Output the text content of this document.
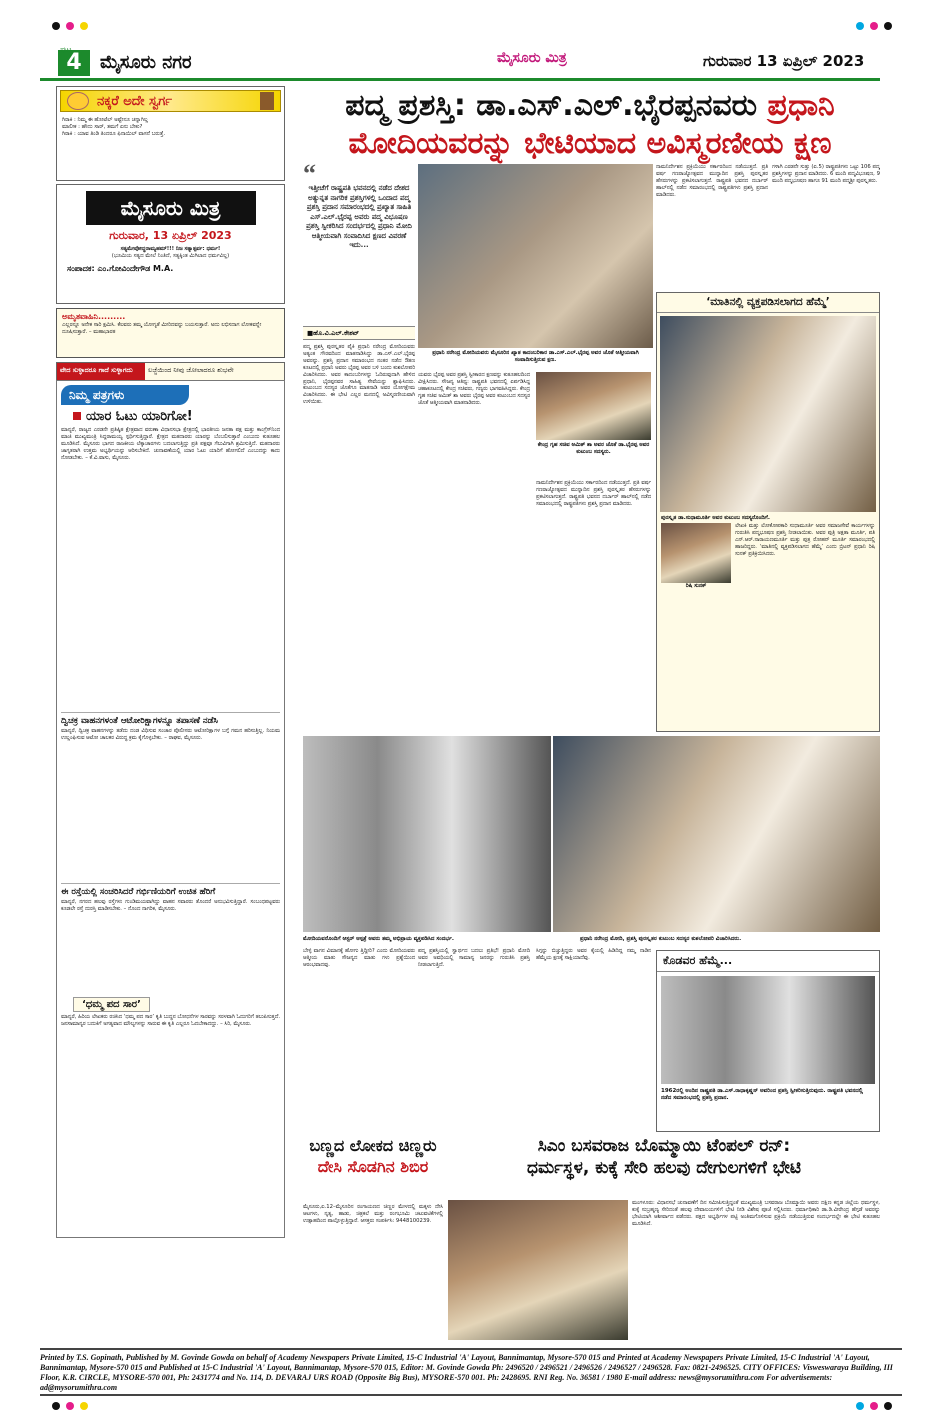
4
ಪುಟ
ಮೈಸೂರು ನಗರ	ಮೈಸೂರು ಮಿತ್ರ	ಗುರುವಾರ 13 ಏಪ್ರಿಲ್ 2023
ನಕ್ಕರೆ ಅದೇ ಸ್ವರ್ಗ
ಗಿರಾಕಿ : ನಿಮ್ಮ ಈ ಹೋಟೆಲ್ ಅಷ್ಟೇನೂ ಚನ್ನಾಗಿಲ್ಲ
ಮಾಲೀಕ : ಹೌದು ಸಾರ್, ತಮಗೆ ಏನು ಬೇಕು?
ಗಿರಾಕಿ : ಯಾವ ತಿಂಡಿ ತಿಂದರೂ ಫಿನಾಯಿಲ್ ವಾಸನೆ ಬರುತ್ತೆ.
ಮೈಸೂರು ಮಿತ್ರ
ಗುರುವಾರ, 13 ಏಪ್ರಿಲ್ 2023
ಸತ್ಯಮೇವೋದ್ಧರಾಮ್ಯಹಮ್!!! ನಿಜ ಸತ್ಯಾತ್ಸರ್ವ: ಧರ್ಮ!
(ಭೂಮಿಯ ಸತ್ಯದ ಮೇಲೆ ನಿಂತಿದೆ, ಸತ್ಯಕ್ಕಿಂತ ಮಿಗಿಲಾದ ಧರ್ಮವಿಲ್ಲ)
ಸಂಪಾದಕ: ಎಂ.ಗೋವಿಂದೇಗೌಡ M.A.
ಅಮೃತವಾಹಿನಿ.........
ಎಲ್ಲರನ್ನೂ ಅನೇಕ ಸಾರಿ ಕ್ಷಮಿಸಿ. ಕೆಲವರು ತಮ್ಮ ಯೋಗ್ಯತೆ ಮೀರಿದವನ್ನು ಬಯಸುತ್ತಾರೆ. ಅದು ಲಭಿಸದಾಗ ಲೋಕವನ್ನೇ ದೂಷಿಸುತ್ತಾರೆ. – ಮಹಾಭಾರತ
ವೇದ ಸುಳ್ಳಾದರೂ ಗಾದೆ ಸುಳ್ಳಾಗದು	ಲಜ್ಜೆಯಿಂದ ನೀವು ಜೋಲಾದರೂ ಶುಭವೇ
ನಿಮ್ಮ ಪತ್ರಗಳು
ಯಾರ ಓಟು ಯಾರಿಗೋ!
ಮಾನ್ಯರೆ, ರಾಜ್ಯದ ಎರಡನೇ ಪ್ರತಿಷ್ಠಿತ ಕ್ಷೇತ್ರವಾದ ವರುಣಾ ವಿಧಾನಸಭಾ ಕ್ಷೇತ್ರದಲ್ಲಿ ಭಾರತೀಯ ಜನತಾ ಪಕ್ಷ ಮತ್ತು ಕಾಂಗ್ರೆಸ್‌ನಿಂದ ಮಾಜಿ ಮುಖ್ಯಮಂತ್ರಿ ಸಿದ್ದರಾಮಯ್ಯ ಸ್ಪರ್ಧಿಸುತ್ತಿದ್ದಾರೆ. ಕ್ಷೇತ್ರದ ಮತದಾರರು ಯಾರನ್ನು ಬೆಂಬಲಿಸುತ್ತಾರೆ ಎಂಬುದು ಕುತೂಹಲ ಮೂಡಿಸಿದೆ. ಮೈಸೂರು ಭಾಗದ ರಾಜಕೀಯ ಲೆಕ್ಕಾಚಾರಗಳು ಬದಲಾಗುತ್ತಿದ್ದು ಪ್ರತಿ ಪಕ್ಷವೂ ಗೆಲುವಿಗಾಗಿ ಶ್ರಮಿಸುತ್ತಿದೆ. ಮತದಾರರು ಜಾಗೃತರಾಗಿ ಉತ್ತಮ ಅಭ್ಯರ್ಥಿಯನ್ನು ಆರಿಸಬೇಕಿದೆ. ಚುನಾವಣೆಯಲ್ಲಿ ಯಾರ ಓಟು ಯಾರಿಗೆ ಹೋಗಲಿದೆ ಎಂಬುದನ್ನು ಕಾದು ನೋಡಬೇಕು. – ಕೆ.ವಿ.ವಾಸು, ಮೈಸೂರು.
ದ್ವಿಚಕ್ರ ವಾಹನಗಳಂತೆ ಆಟೋರಿಕ್ಷಾಗಳನ್ನೂ ತಪಾಸಣೆ ನಡೆಸಿ
ಮಾನ್ಯರೆ, ದ್ವಿಚಕ್ರ ವಾಹನಗಳನ್ನು ತಡೆದು ದಂಡ ವಿಧಿಸುವ ಸಂಚಾರ ಪೊಲೀಸರು ಆಟೋರಿಕ್ಷಾಗಳ ಬಗ್ಗೆ ಗಮನ ಹರಿಸುತ್ತಿಲ್ಲ. ನಿಯಮ ಉಲ್ಲಂಘಿಸುವ ಆಟೋ ಚಾಲಕರ ವಿರುದ್ಧ ಕ್ರಮ ಕೈಗೊಳ್ಳಬೇಕು. – ರಾಘವ, ಮೈಸೂರು.
ಈ ರಸ್ತೆಯಲ್ಲಿ ಸಂಚರಿಸಿದರೆ ಗರ್ಭಿಣಿಯರಿಗೆ ಉಚಿತ ಹೆರಿಗೆ
ಮಾನ್ಯರೆ, ನಗರದ ಹಲವು ರಸ್ತೆಗಳು ಗುಂಡಿಮಯವಾಗಿದ್ದು ವಾಹನ ಸವಾರರು ತೊಂದರೆ ಅನುಭವಿಸುತ್ತಿದ್ದಾರೆ. ಸಂಬಂಧಪಟ್ಟವರು ಕೂಡಲೇ ರಸ್ತೆ ದುರಸ್ತಿ ಮಾಡಿಸಬೇಕು. – ನೊಂದ ನಾಗರಿಕ, ಮೈಸೂರು.
‘ಧಮ್ಮ ಪದ ಸಾರ’
ಮಾನ್ಯರೆ, ಹಿರಿಯ ಲೇಖಕರು ರಚಿಸಿದ ‘ಧಮ್ಮ ಪದ ಸಾರ’ ಕೃತಿ ಬುದ್ಧನ ಬೋಧನೆಗಳ ಸಾರವನ್ನು ಸರಳವಾಗಿ ಓದುಗರಿಗೆ ತಲುಪಿಸುತ್ತದೆ. ಜನಸಾಮಾನ್ಯರ ಬದುಕಿಗೆ ಅಗತ್ಯವಾದ ಮೌಲ್ಯಗಳನ್ನು ಸಾರುವ ಈ ಕೃತಿ ಎಲ್ಲರೂ ಓದಬೇಕಾದದ್ದು. – ಸಿರಿ, ಮೈಸೂರು.
ಪದ್ಮ ಪ್ರಶಸ್ತಿ: ಡಾ.ಎಸ್.ಎಲ್.ಭೈರಪ್ಪನವರು ಪ್ರಧಾನಿ
ಮೋದಿಯವರನ್ನು ಭೇಟಿಯಾದ ಅವಿಸ್ಮರಣೀಯ ಕ್ಷಣ
“
ಇತ್ತೀಚೆಗೆ ರಾಷ್ಟ್ರಪತಿ ಭವನದಲ್ಲಿ ನಡೆದ ದೇಶದ ಅತ್ಯುನ್ನತ ನಾಗರಿಕ ಪ್ರಶಸ್ತಿಗಳಲ್ಲಿ ಒಂದಾದ ಪದ್ಮ ಪ್ರಶಸ್ತಿ ಪ್ರದಾನ ಸಮಾರಂಭದಲ್ಲಿ ಪ್ರಖ್ಯಾತ ಸಾಹಿತಿ ಎಸ್.ಎಲ್.ಭೈರಪ್ಪ ಅವರು ಪದ್ಮ ವಿಭೂಷಣ ಪ್ರಶಸ್ತಿ ಸ್ವೀಕರಿಸಿದ ಸಂದರ್ಭದಲ್ಲಿ ಪ್ರಧಾನಿ ಮೋದಿ ಆತ್ಮೀಯವಾಗಿ ಸಂವಾದಿಸಿದ ಕ್ಷಣದ ವಿವರಣೆ ಇದು...
■ಹೊ.ವಿ.ಎಲ್.ಕೇಶವ್
ಪ್ರಧಾನಿ ನರೇಂದ್ರ ಮೋದಿಯವರು ಮೈಸೂರಿನ ಖ್ಯಾತ ಕಾದಂಬರಿಕಾರ ಡಾ.ಎಸ್.ಎಲ್.ಭೈರಪ್ಪ ಅವರ ಜೊತೆ ಆತ್ಮೀಯವಾಗಿ ಸಂವಾದಿಸುತ್ತಿರುವ ಕ್ಷಣ.
ಪದ್ಮ ಪ್ರಶಸ್ತಿ ಪುರಸ್ಕೃತರ ಪೈಕಿ ಪ್ರಧಾನಿ ನರೇಂದ್ರ ಮೋದಿಯವರು ಅತ್ಯಂತ ಗೌರವದಿಂದ ಮಾತನಾಡಿಸಿದ್ದು ಡಾ.ಎಸ್.ಎಲ್.ಭೈರಪ್ಪ ಅವರನ್ನು. ಪ್ರಶಸ್ತಿ ಪ್ರದಾನ ಸಮಾರಂಭದ ನಂತರ ನಡೆದ ಔತಣ ಕೂಟದಲ್ಲಿ ಪ್ರಧಾನಿ ಅವರು ಭೈರಪ್ಪ ಅವರ ಬಳಿ ಬಂದು ಕುಶಲೋಪರಿ ವಿಚಾರಿಸಿದರು. ಅವರ ಕಾದಂಬರಿಗಳನ್ನು ಓದಿರುವುದಾಗಿ ಹೇಳಿದ ಪ್ರಧಾನಿ, ಭೈರಪ್ಪನವರ ಸಾಹಿತ್ಯ ಸೇವೆಯನ್ನು ಶ್ಲಾಘಿಸಿದರು. ಕುಟುಂಬದ ಸದಸ್ಯರ ಜೊತೆಗೂ ಮಾತನಾಡಿ ಅವರ ಯೋಗಕ್ಷೇಮ ವಿಚಾರಿಸಿದರು. ಈ ಭೇಟಿ ಎಲ್ಲರ ಮನದಲ್ಲಿ ಅವಿಸ್ಮರಣೀಯವಾಗಿ ಉಳಿಯಿತು.
ಯವರು ಭೈರಪ್ಪ ಅವರ ಪ್ರಶಸ್ತಿ ಸ್ವೀಕಾರದ ಕ್ಷಣವನ್ನು ಕುತೂಹಲದಿಂದ ವೀಕ್ಷಿಸಿದರು. ಸೌಜನ್ಯ ಆತಿಥ್ಯ: ರಾಷ್ಟ್ರಪತಿ ಭವನದಲ್ಲಿ ಏರ್ಪಡಿಸಿದ್ದ ಚಹಾಕೂಟದಲ್ಲಿ ಕೇಂದ್ರ ಸಚಿವರು, ಗಣ್ಯರು ಭಾಗವಹಿಸಿದ್ದರು. ಕೇಂದ್ರ ಗೃಹ ಸಚಿವ ಅಮಿತ್ ಶಾ ಅವರು ಭೈರಪ್ಪ ಅವರ ಕುಟುಂಬದ ಸದಸ್ಯರ ಜೊತೆ ಆತ್ಮೀಯವಾಗಿ ಮಾತನಾಡಿದರು.
ಕೇಂದ್ರ ಗೃಹ ಸಚಿವ ಅಮಿತ್ ಶಾ ಅವರ ಜೊತೆ ಡಾ.ಭೈರಪ್ಪ ಅವರ ಕುಟುಂಬ ಸದಸ್ಯರು.
ನಾಮನಿರ್ದೇಶನ ಪ್ರಕ್ರಿಯೆಯು ಸರ್ಕಾರದಿಂದ ನಡೆಯುತ್ತದೆ. ಪ್ರತಿ ವರ್ಷ ಗಣರಾಜ್ಯೋತ್ಸವದ ಮುನ್ನಾದಿನ ಪ್ರಶಸ್ತಿ ಪುರಸ್ಕೃತರ ಹೆಸರುಗಳನ್ನು ಪ್ರಕಟಿಸಲಾಗುತ್ತದೆ. ರಾಷ್ಟ್ರಪತಿ ಭವನದ ದರ್ಬಾರ್ ಹಾಲ್‌ನಲ್ಲಿ ನಡೆದ ಸಮಾರಂಭದಲ್ಲಿ ರಾಷ್ಟ್ರಪತಿಗಳು ಪ್ರಶಸ್ತಿ ಪ್ರದಾನ ಮಾಡಿದರು.
ನಾಮನಿರ್ದೇಶನ ಪ್ರಕ್ರಿಯೆಯು ಸರ್ಕಾರದಿಂದ ನಡೆಯುತ್ತದೆ. ಪ್ರತಿ ವರ್ಷ ಗಣರಾಜ್ಯೋತ್ಸವದ ಮುನ್ನಾದಿನ ಪ್ರಶಸ್ತಿ ಪುರಸ್ಕೃತರ ಹೆಸರುಗಳನ್ನು ಪ್ರಕಟಿಸಲಾಗುತ್ತದೆ. ರಾಷ್ಟ್ರಪತಿ ಭವನದ ದರ್ಬಾರ್ ಹಾಲ್‌ನಲ್ಲಿ ನಡೆದ ಸಮಾರಂಭದಲ್ಲಿ ರಾಷ್ಟ್ರಪತಿಗಳು ಪ್ರಶಸ್ತಿ ಪ್ರದಾನ ಮಾಡಿದರು.
ಗಳಾಗಿ ಎರಡನೇ ಸುತ್ತು (ಏ.5) ರಾಷ್ಟ್ರಪತಿಗಳು ಒಟ್ಟು 106 ಪದ್ಮ ಪ್ರಶಸ್ತಿಗಳನ್ನು ಪ್ರದಾನ ಮಾಡಿದರು. 6 ಮಂದಿ ಪದ್ಮವಿಭೂಷಣ, 9 ಮಂದಿ ಪದ್ಮಭೂಷಣ ಹಾಗೂ 91 ಮಂದಿ ಪದ್ಮಶ್ರೀ ಪುರಸ್ಕೃತರು.
‘ಮಾತಿನಲ್ಲಿ ವ್ಯಕ್ತಪಡಿಸಲಾಗದ ಹೆಮ್ಮೆ’
ಪುರಸ್ಕೃತ ಡಾ.ಸುಧಾಮೂರ್ತಿ ಅವರ ಕುಟುಂಬ ಸದಸ್ಯರೊಂದಿಗೆ.
ರಿಷಿ ಸುನಕ್
ಲೇಖಕಿ ಮತ್ತು ಲೋಕೋಪಕಾರಿ ಸುಧಾಮೂರ್ತಿ ಅವರ ಸಮಾಜಸೇವೆ ಕಾರ್ಯಗಳನ್ನು ಗುರುತಿಸಿ ಪದ್ಮಭೂಷಣ ಪ್ರಶಸ್ತಿ ನೀಡಲಾಯಿತು. ಅವರ ಪುತ್ರಿ ಅಕ್ಷತಾ ಮೂರ್ತಿ, ಪತಿ ಎನ್.ಆರ್.ನಾರಾಯಣಮೂರ್ತಿ ಮತ್ತು ಪುತ್ರ ರೋಹನ್ ಮೂರ್ತಿ ಸಮಾರಂಭದಲ್ಲಿ ಹಾಜರಿದ್ದರು. ‘ಮಾತಿನಲ್ಲಿ ವ್ಯಕ್ತಪಡಿಸಲಾಗದ ಹೆಮ್ಮೆ’ ಎಂದು ಬ್ರಿಟನ್ ಪ್ರಧಾನಿ ರಿಷಿ ಸುನಕ್ ಪ್ರತಿಕ್ರಿಯಿಸಿದರು.
ಮೋದಿಯವರೊಂದಿಗೆ ಆಸ್ಟರ್ ಆಸ್ಪತ್ರೆ ಅವರು ತಮ್ಮ ಅಭಿಪ್ರಾಯ ವ್ಯಕ್ತಪಡಿಸಿದ ಸಂದರ್ಭ.	ಪ್ರಧಾನಿ ನರೇಂದ್ರ ಮೋದಿ, ಪ್ರಶಸ್ತಿ ಪುರಸ್ಕೃತರ ಕುಟುಂಬ ಸದಸ್ಯರ ಕುಶಲೋಪರಿ ವಿಚಾರಿಸಿದರು.
ಬೇಳ್ಳಿ ವಾಗನ ವಿಮಾನಕ್ಕೆ ಹೋಗು ತ್ತಿದ್ದೀರಿ? ಎಂದು ಮೋದಿಯವರು ಆತ್ಮೀಯ ಮಾತು ಸೌಜನ್ಯದ ಮಾತು ಗಳು ಪ್ರಶ್ನೆಯಿಂದ ಆರಂಭವಾದವು.
ಪದ್ಮ ಪ್ರಶಸ್ತಿಯಲ್ಲಿ ಸ್ವಾರ್ಥದ ಬದಲು ಪ್ರತಿಭೆ! ಪ್ರಧಾನಿ ಮೋದಿ ಅವರ ಅವಧಿಯಲ್ಲಿ ಸಾಮಾನ್ಯ ಜನರನ್ನು ಗುರುತಿಸಿ ಪ್ರಶಸ್ತಿ ನೀಡಲಾಗುತ್ತಿದೆ.
ಸಿಗ್ಗನ್ನು ಬಿಚ್ಚುತ್ತಿದ್ದರು ಅವರ ಕೈಯಲ್ಲಿ ಹಿಡಿದಿದ್ದ ನಮ್ಮ ನಾಡಿನ ಹೆಮ್ಮೆಯ ಕ್ಷಣಕ್ಕೆ ಸಾಕ್ಷಿಯಾದೆವು.	ಕೊಡವರ ಹೆಮ್ಮೆ...
1962ರಲ್ಲಿ ಅಂದಿನ ರಾಷ್ಟ್ರಪತಿ ಡಾ.ಎಸ್.ರಾಧಾಕೃಷ್ಣನ್ ಅವರಿಂದ ಪ್ರಶಸ್ತಿ ಸ್ವೀಕರಿಸುತ್ತಿರುವುದು. ರಾಷ್ಟ್ರಪತಿ ಭವನದಲ್ಲಿ ನಡೆದ ಸಮಾರಂಭದಲ್ಲಿ ಪ್ರಶಸ್ತಿ ಪ್ರದಾನ.
ಬಣ್ಣದ ಲೋಕದ ಚಿಣ್ಣರು
ದೇಸಿ ಸೊಡಗಿನ ಶಿಬಿರ
ಮೈಸೂರು,ಏ.12–ಮೈಸೂರಿನ ರಂಗಾಯಣದ ಚಿಣ್ಣರ ಮೇಳದಲ್ಲಿ ಮಕ್ಕಳು ದೇಸಿ ಆಟಗಳು, ನೃತ್ಯ, ಹಾಡು, ಚಿತ್ರಕಲೆ ಮತ್ತು ರಂಗಭೂಮಿ ಚಟುವಟಿಕೆಗಳಲ್ಲಿ ಉತ್ಸಾಹದಿಂದ ಪಾಲ್ಗೊಳ್ಳುತ್ತಿದ್ದಾರೆ. ಆಸಕ್ತರು ಸಂಪರ್ಕಿಸಿ: 9448100239.
ಸಿಎಂ ಬಸವರಾಜ ಬೊಮ್ಮಾಯಿ ಟೆಂಪಲ್ ರನ್:
ಧರ್ಮಸ್ಥಳ, ಕುಕ್ಕೆ ಸೇರಿ ಹಲವು ದೇಗುಲಗಳಿಗೆ ಭೇಟಿ
ಮಂಗಳೂರು: ವಿಧಾನಸಭೆ ಚುನಾವಣೆಗೆ ದಿನ ಸಮೀಪಿಸುತ್ತಿದ್ದಂತೆ ಮುಖ್ಯಮಂತ್ರಿ ಬಸವರಾಜ ಬೊಮ್ಮಾಯಿ ಅವರು ದಕ್ಷಿಣ ಕನ್ನಡ ಜಿಲ್ಲೆಯ ಧರ್ಮಸ್ಥಳ, ಕುಕ್ಕೆ ಸುಬ್ರಹ್ಮಣ್ಯ ಸೇರಿದಂತೆ ಹಲವು ದೇವಾಲಯಗಳಿಗೆ ಭೇಟಿ ನೀಡಿ ವಿಶೇಷ ಪೂಜೆ ಸಲ್ಲಿಸಿದರು. ಧರ್ಮಾಧಿಕಾರಿ ಡಾ.ಡಿ.ವೀರೇಂದ್ರ ಹೆಗ್ಗಡೆ ಅವರನ್ನು ಭೇಟಿಯಾಗಿ ಆಶೀರ್ವಾದ ಪಡೆದರು. ಪಕ್ಷದ ಅಭ್ಯರ್ಥಿಗಳ ಪಟ್ಟಿ ಅಂತಿಮಗೊಳಿಸುವ ಪ್ರಕ್ರಿಯೆ ನಡೆಯುತ್ತಿರುವ ಸಂದರ್ಭದಲ್ಲೇ ಈ ಭೇಟಿ ಕುತೂಹಲ ಮೂಡಿಸಿದೆ.
Printed by T.S. Gopinath, Published by M. Govinde Gowda on behalf of Academy Newspapers Private Limited, 15-C Industrial 'A' Layout, Bannimantap, Mysore-570 015 and Printed at Academy Newspapers Private Limited, 15-C Industrial 'A' Layout, Bannimantap, Mysore-570 015 and Published at 15-C Industrial 'A' Layout, Bannimantap, Mysore-570 015, Editor: M. Govinde Gowda Ph: 2496520 / 2496521 / 2496526 / 2496527 / 2496528. Fax: 0821-2496525. CITY OFFICES: Visweswaraya Building, III Floor, K.R. CIRCLE, MYSORE-570 001, Ph: 2431774 and No. 114, D. DEVARAJ URS ROAD (Opposite Big Bus), MYSORE-570 001. Ph: 2428695. RNI Reg. No. 36581 / 1980 E-mail address: news@mysorumithra.com For advertisements: ad@mysorumithra.com
